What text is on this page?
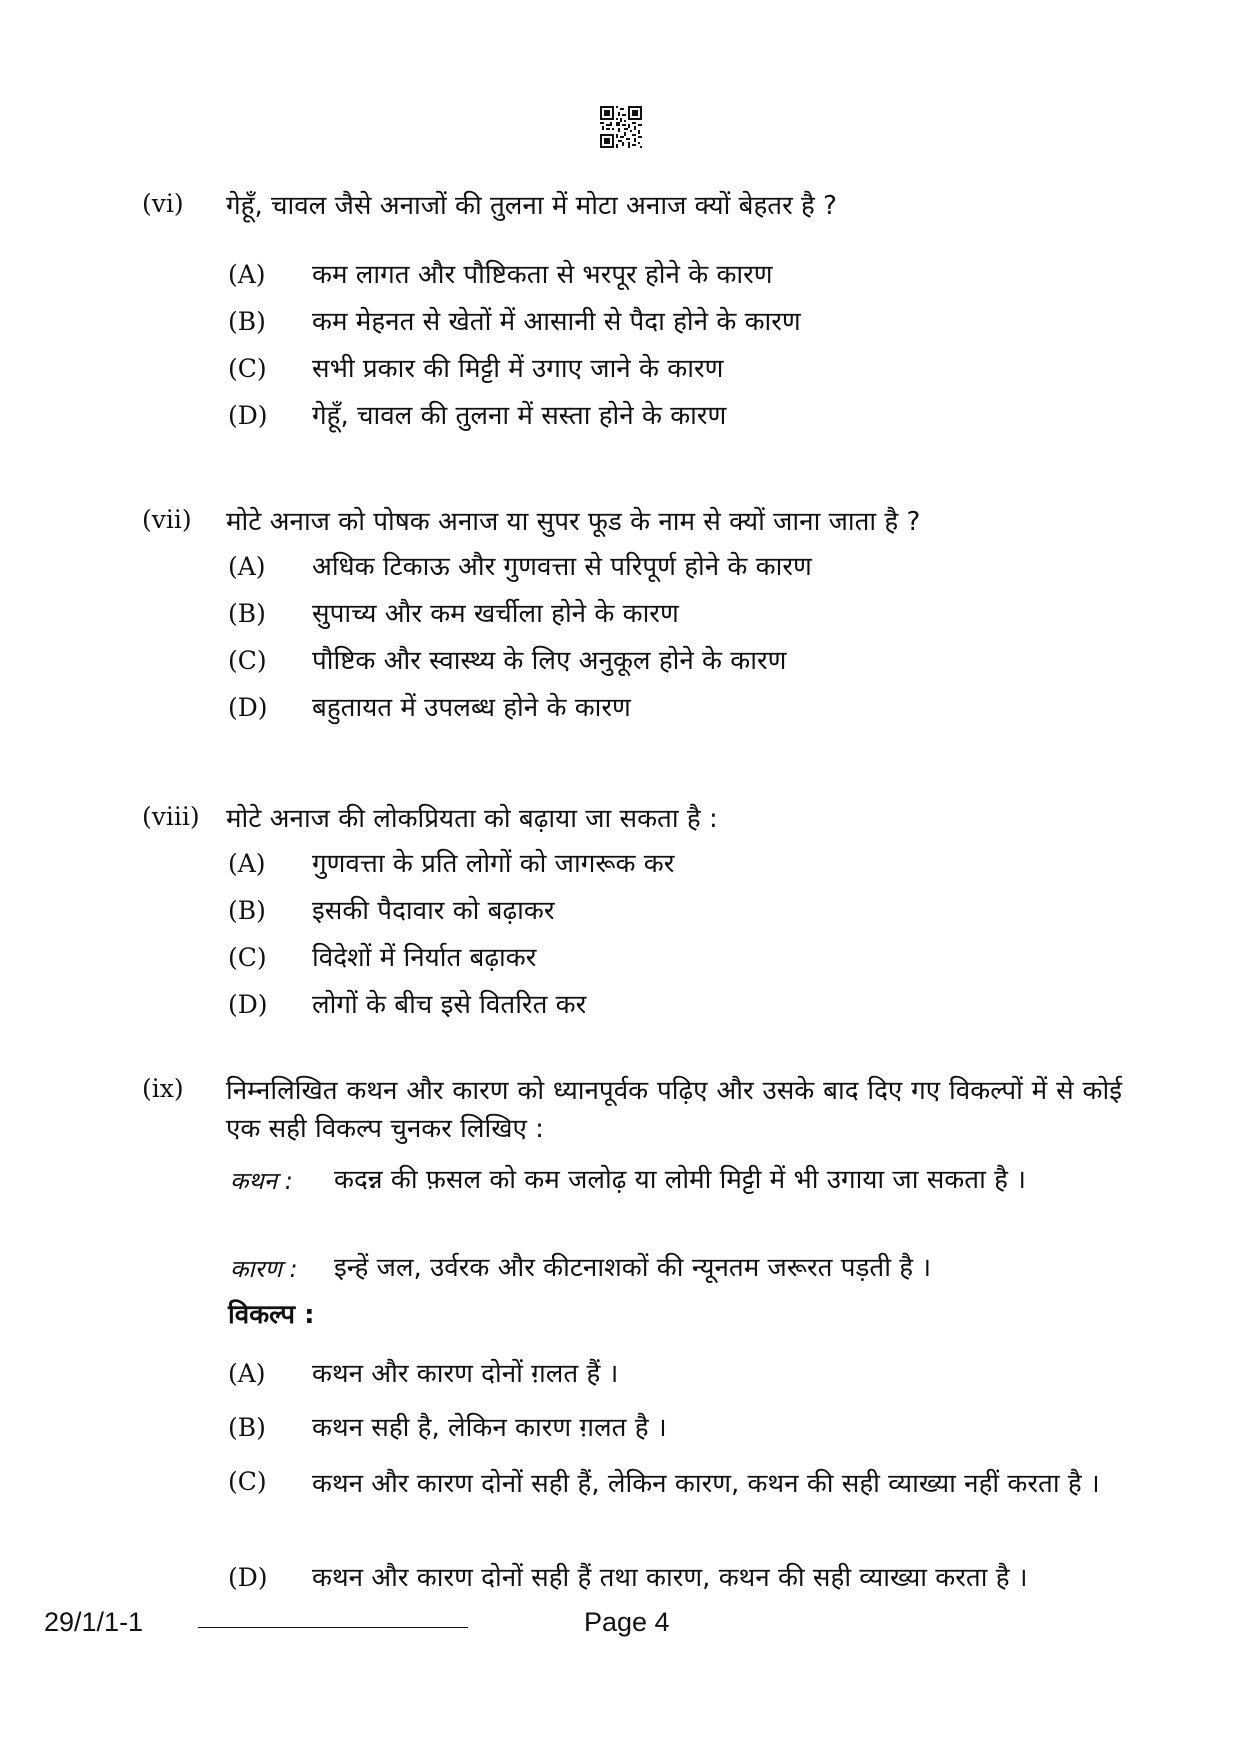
(vi) गेहूँ, चावल जैसे अनाजों की तुलना में मोटा अनाज क्यों बेहतर है ?
(A) कम लागत और पौष्टिकता से भरपूर होने के कारण
(B) कम मेहनत से खेतों में आसानी से पैदा होने के कारण
(C) सभी प्रकार की मिट्टी में उगाए जाने के कारण
(D) गेहूँ, चावल की तुलना में सस्ता होने के कारण
(vii) मोटे अनाज को पोषक अनाज या सुपर फूड के नाम से क्यों जाना जाता है ?
(A) अधिक टिकाऊ और गुणवत्ता से परिपूर्ण होने के कारण
(B) सुपाच्य और कम खर्चीला होने के कारण
(C) पौष्टिक और स्वास्थ्य के लिए अनुकूल होने के कारण
(D) बहुतायत में उपलब्ध होने के कारण
(viii) मोटे अनाज की लोकप्रियता को बढ़ाया जा सकता है :
(A) गुणवत्ता के प्रति लोगों को जागरूक कर
(B) इसकी पैदावार को बढ़ाकर
(C) विदेशों में निर्यात बढ़ाकर
(D) लोगों के बीच इसे वितरित कर
(ix) निम्नलिखित कथन और कारण को ध्यानपूर्वक पढ़िए और उसके बाद दिए गए विकल्पों में से कोई एक सही विकल्प चुनकर लिखिए :
कथन : कदन्न की फ़सल को कम जलोढ़ या लोमी मिट्टी में भी उगाया जा सकता है ।
कारण : इन्हें जल, उर्वरक और कीटनाशकों की न्यूनतम जरूरत पड़ती है ।
विकल्प :
(A) कथन और कारण दोनों ग़लत हैं ।
(B) कथन सही है, लेकिन कारण ग़लत है ।
(C) कथन और कारण दोनों सही हैं, लेकिन कारण, कथन की सही व्याख्या नहीं करता है ।
(D) कथन और कारण दोनों सही हैं तथा कारण, कथन की सही व्याख्या करता है ।
29/1/1-1	Page 4
